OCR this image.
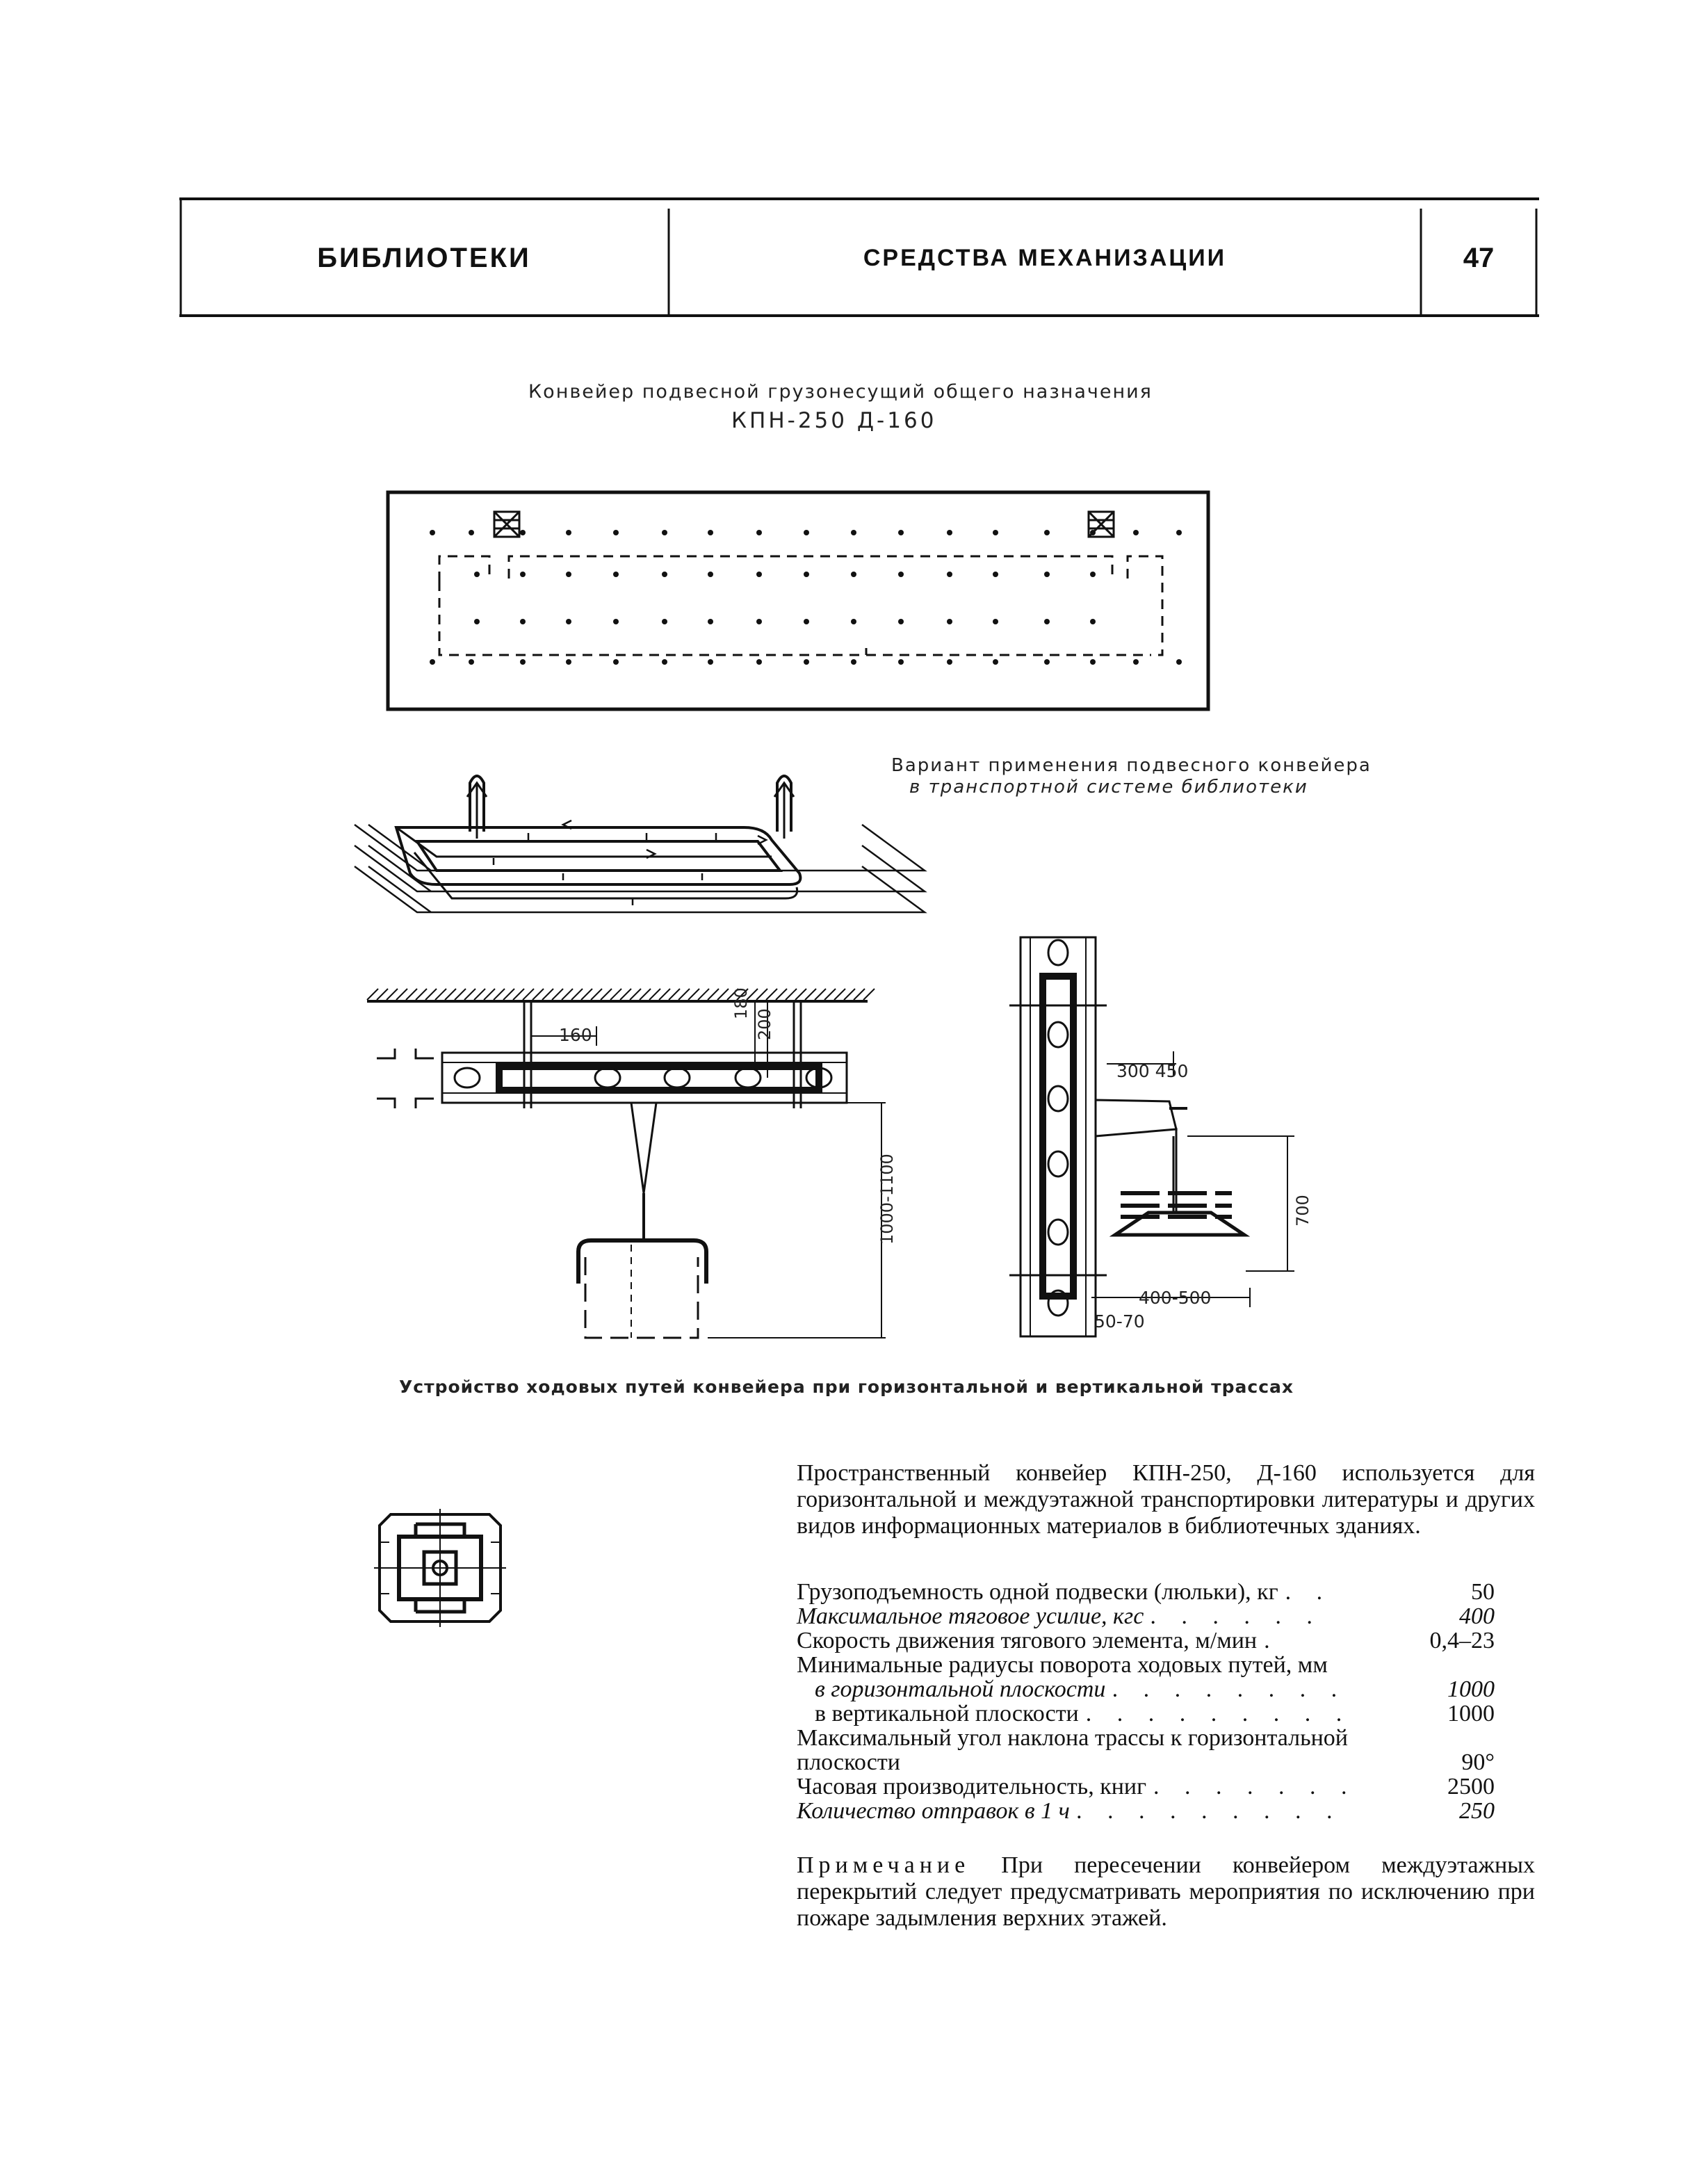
БИБЛИОТЕКИ	СРЕДСТВА МЕХАНИЗАЦИИ	47
Конвейер подвесной грузонесущий общего назначения
КПН-250 Д-160
Вариант применения подвесного конвейера
в транспортной системе библиотеки
160
180
200
1000-1100
300 450
700
400-500
50-70
Устройство ходовых путей конвейера при горизонтальной и вертикальной трассах
Пространственный конвейер КПН-250, Д-160 используется для горизонтальной и междуэтажной транспортировки литературы и других видов информационных материалов в библиотечных зданиях.
Грузоподъемность одной подвески (люльки), кг . .	50
Максимальное тяговое усилие, кгс . . . . . .	400
Скорость движения тягового элемента, м/мин .	0,4–23
Минимальные радиусы поворота ходовых путей, мм
в горизонтальной плоскости . . . . . . . .	1000
в вертикальной плоскости . . . . . . . . .	1000
Максимальный угол наклона трассы к горизонтальной плоскости	90°
Часовая производительность, книг . . . . . . .	2500
Количество отправок в 1 ч . . . . . . . . .	250
Примечание При пересечении конвейером междуэтажных перекрытий следует предусматривать мероприятия по исключению при пожаре задымления верхних этажей.
